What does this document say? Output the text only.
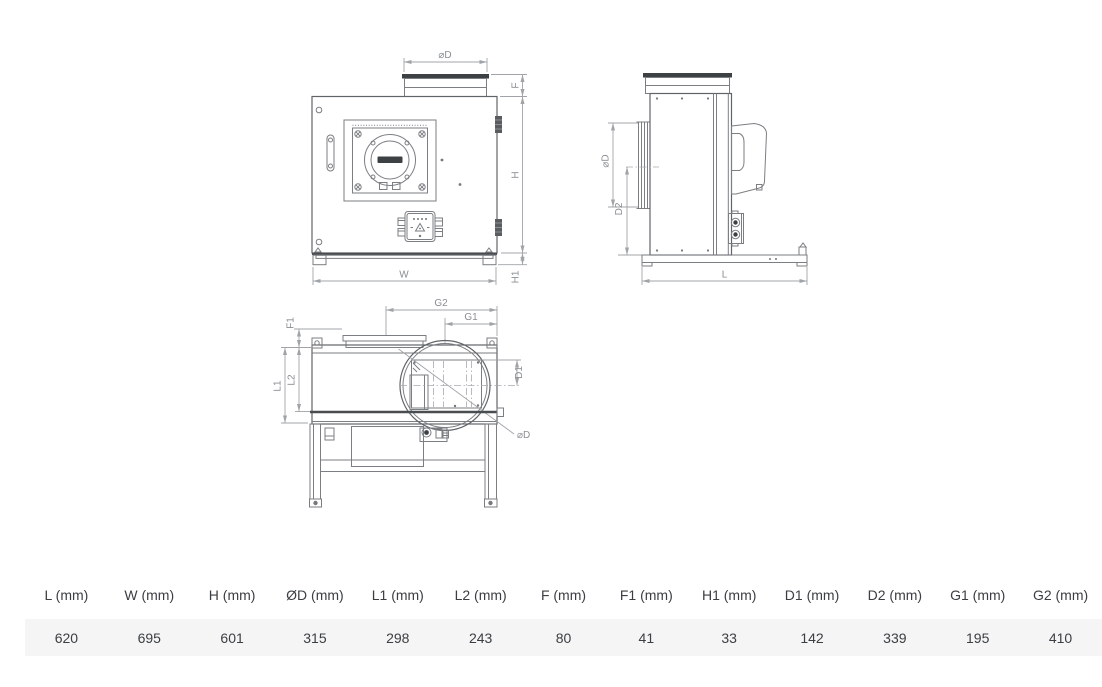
⌀D
F
H
H1
W
⌀D
D2
L
G2
G1
F1
D1
⌀D
L1
L2
L (mm)	W (mm)	H (mm)	ØD (mm)	L1 (mm)	L2 (mm)	F (mm)	F1 (mm)	H1 (mm)	D1 (mm)	D2 (mm)	G1 (mm)	G2 (mm)
620	695	601	315	298	243	80	41	33	142	339	195	410
